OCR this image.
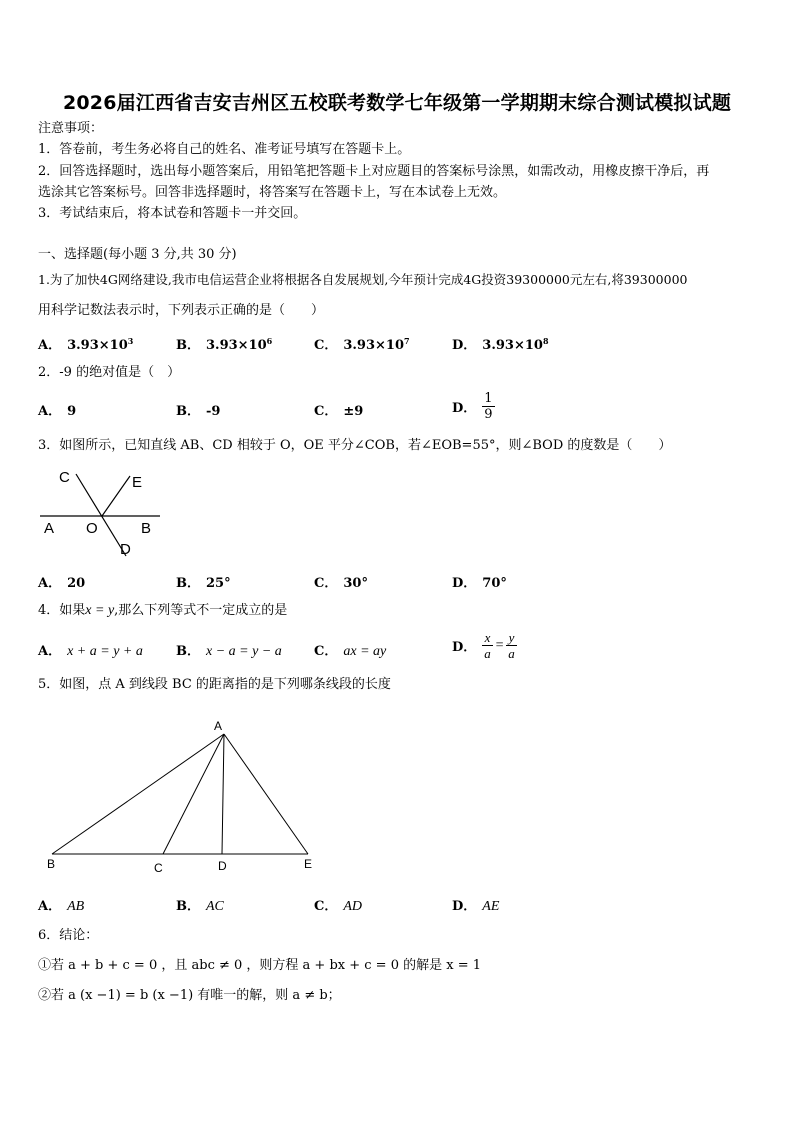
2026届江西省吉安吉州区五校联考数学七年级第一学期期末综合测试模拟试题
注意事项：
1．答卷前，考生务必将自己的姓名、准考证号填写在答题卡上。
2．回答选择题时，选出每小题答案后，用铅笔把答题卡上对应题目的答案标号涂黑，如需改动，用橡皮擦干净后，再
选涂其它答案标号。回答非选择题时，将答案写在答题卡上，写在本试卷上无效。
3．考试结束后，将本试卷和答题卡一并交回。
一、选择题(每小题 3 分,共 30 分)
1.为了加快4G网络建设,我市电信运营企业将根据各自发展规划,今年预计完成4G投资39300000元左右,将39300000
用科学记数法表示时，下列表示正确的是（　　）
A． $3.93\times 10^3$	B． $3.93\times 10^6$	C． $3.93\times 10^7$	D． $3.93\times 10^8$
2．-9 的绝对值是（　）
A． 9	B． -9	C． ±9	D． $\frac{1}{9}$
3．如图所示，已知直线 AB、CD 相较于 O，OE 平分∠COB，若∠EOB=55°，则∠BOD 的度数是（　　）
C	E
A O	B
D
A． 20	B． 25°	C． 30°	D． 70°
4．如果x = y,那么下列等式不一定成立的是
A． x + a = y + a	B． x − a = y − a C． ax = ay	D． $\frac{x}{a} = \frac{y}{a}$
5．如图，点 A 到线段 BC 的距离指的是下列哪条线段的长度
A
B	C	D	E
A． AB	B． AC	C． AD	D． AE
6．结论：
①若 a + b + c = 0 ，且 abc ≠ 0 ，则方程 a + bx + c = 0 的解是 x = 1
②若 a (x −1) = b (x −1) 有唯一的解，则 a ≠ b；
